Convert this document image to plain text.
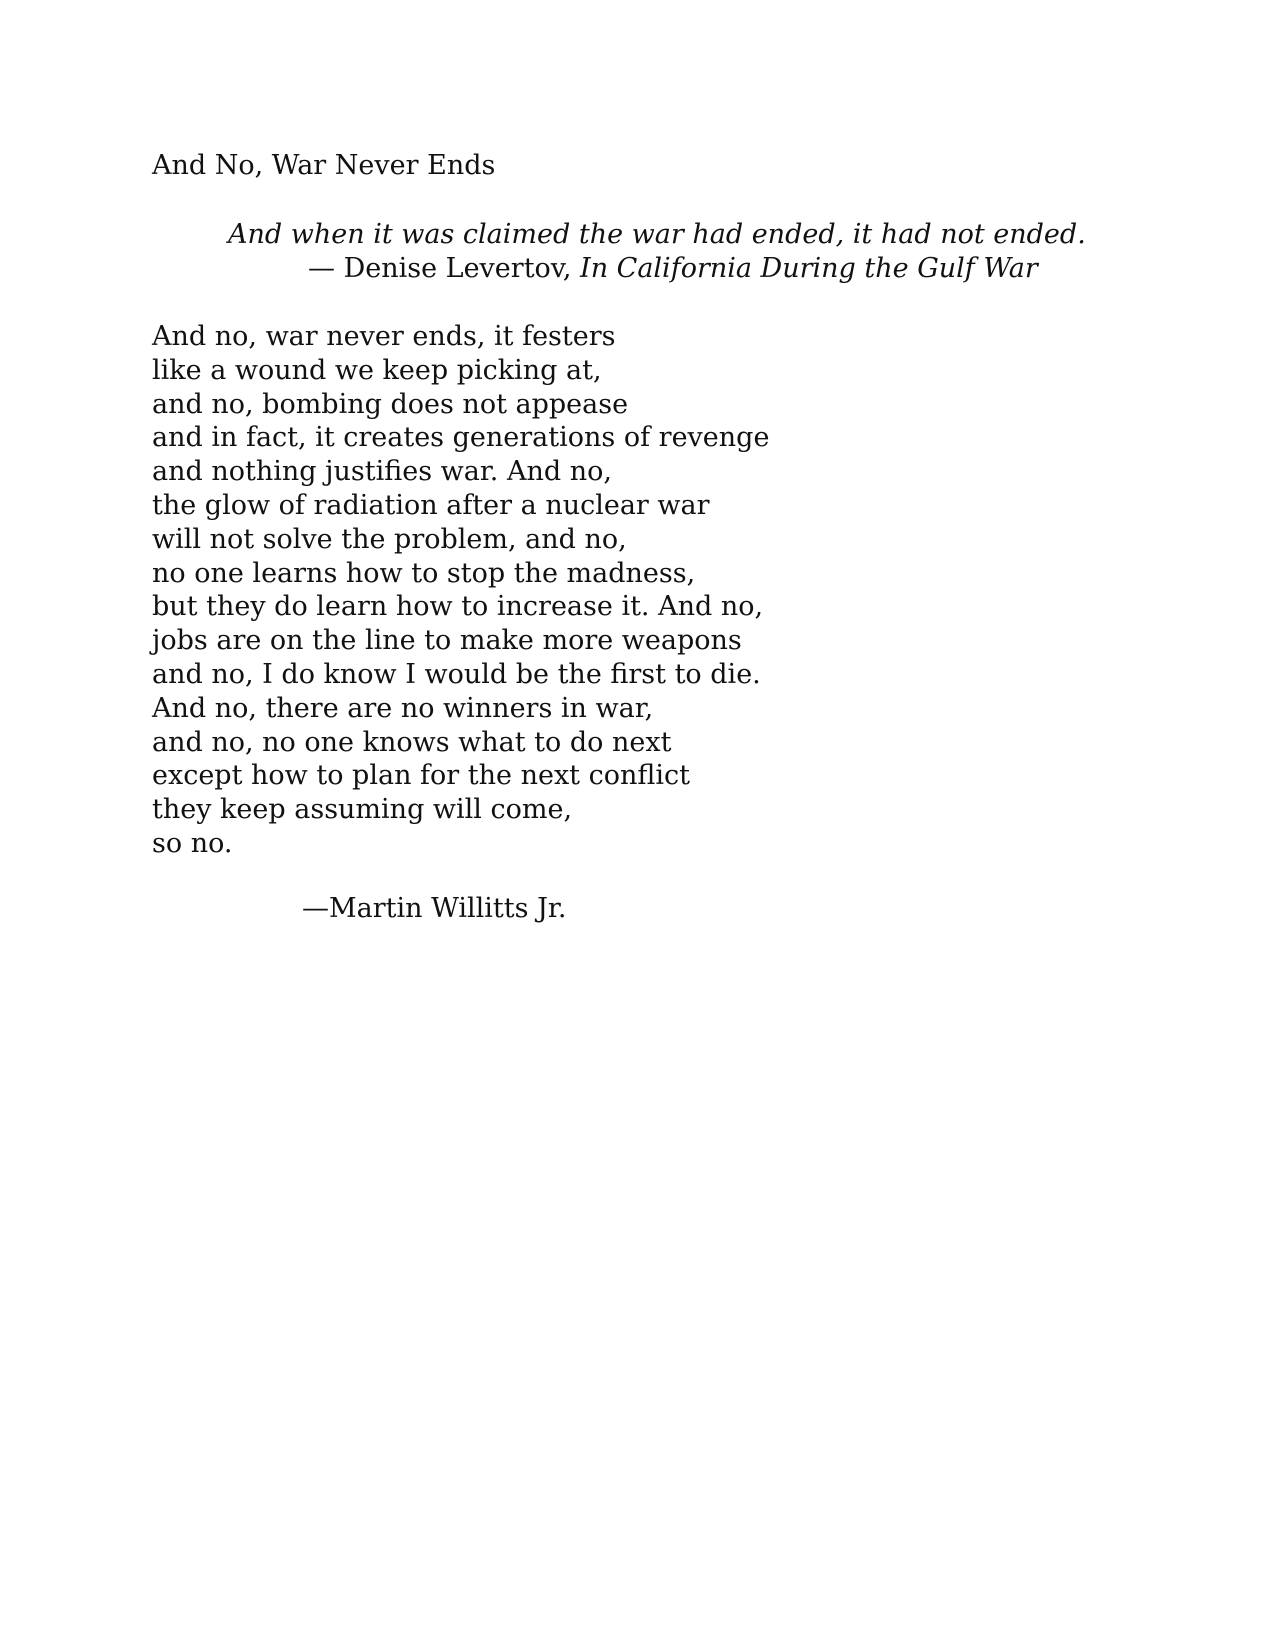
And No, War Never Ends
And when it was claimed the war had ended, it had not ended.
— Denise Levertov, In California During the Gulf War
And no, war never ends, it festers
like a wound we keep picking at,
and no, bombing does not appease
and in fact, it creates generations of revenge
and nothing justifies war. And no,
the glow of radiation after a nuclear war
will not solve the problem, and no,
no one learns how to stop the madness,
but they do learn how to increase it. And no,
jobs are on the line to make more weapons
and no, I do know I would be the first to die.
And no, there are no winners in war,
and no, no one knows what to do next
except how to plan for the next conflict
they keep assuming will come,
so no.
—Martin Willitts Jr.
